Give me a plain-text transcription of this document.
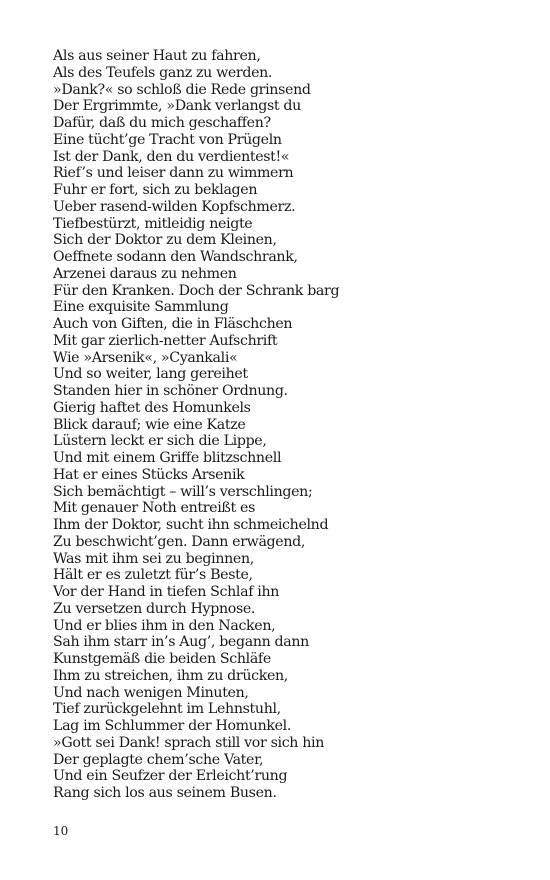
Als aus seiner Haut zu fahren,
Als des Teufels ganz zu werden.
»Dank?« so schloß die Rede grinsend
Der Ergrimmte, »Dank verlangst du
Dafür, daß du mich geschaffen?
Eine tücht’ge Tracht von Prügeln
Ist der Dank, den du verdientest!«
Rief’s und leiser dann zu wimmern
Fuhr er fort, sich zu beklagen
Ueber rasend-wilden Kopfschmerz.
Tiefbestürzt, mitleidig neigte
Sich der Doktor zu dem Kleinen,
Oeffnete sodann den Wandschrank,
Arzenei daraus zu nehmen
Für den Kranken. Doch der Schrank barg
Eine exquisite Sammlung
Auch von Giften, die in Fläschchen
Mit gar zierlich-netter Aufschrift
Wie »Arsenik«, »Cyankali«
Und so weiter, lang gereihet
Standen hier in schöner Ordnung.
Gierig haftet des Homunkels
Blick darauf; wie eine Katze
Lüstern leckt er sich die Lippe,
Und mit einem Griffe blitzschnell
Hat er eines Stücks Arsenik
Sich bemächtigt – will’s verschlingen;
Mit genauer Noth entreißt es
Ihm der Doktor, sucht ihn schmeichelnd
Zu beschwicht’gen. Dann erwägend,
Was mit ihm sei zu beginnen,
Hält er es zuletzt für’s Beste,
Vor der Hand in tiefen Schlaf ihn
Zu versetzen durch Hypnose.
Und er blies ihm in den Nacken,
Sah ihm starr in’s Aug’, begann dann
Kunstgemäß die beiden Schläfe
Ihm zu streichen, ihm zu drücken,
Und nach wenigen Minuten,
Tief zurückgelehnt im Lehnstuhl,
Lag im Schlummer der Homunkel.
»Gott sei Dank! sprach still vor sich hin
Der geplagte chem’sche Vater,
Und ein Seufzer der Erleicht’rung
Rang sich los aus seinem Busen.
10
